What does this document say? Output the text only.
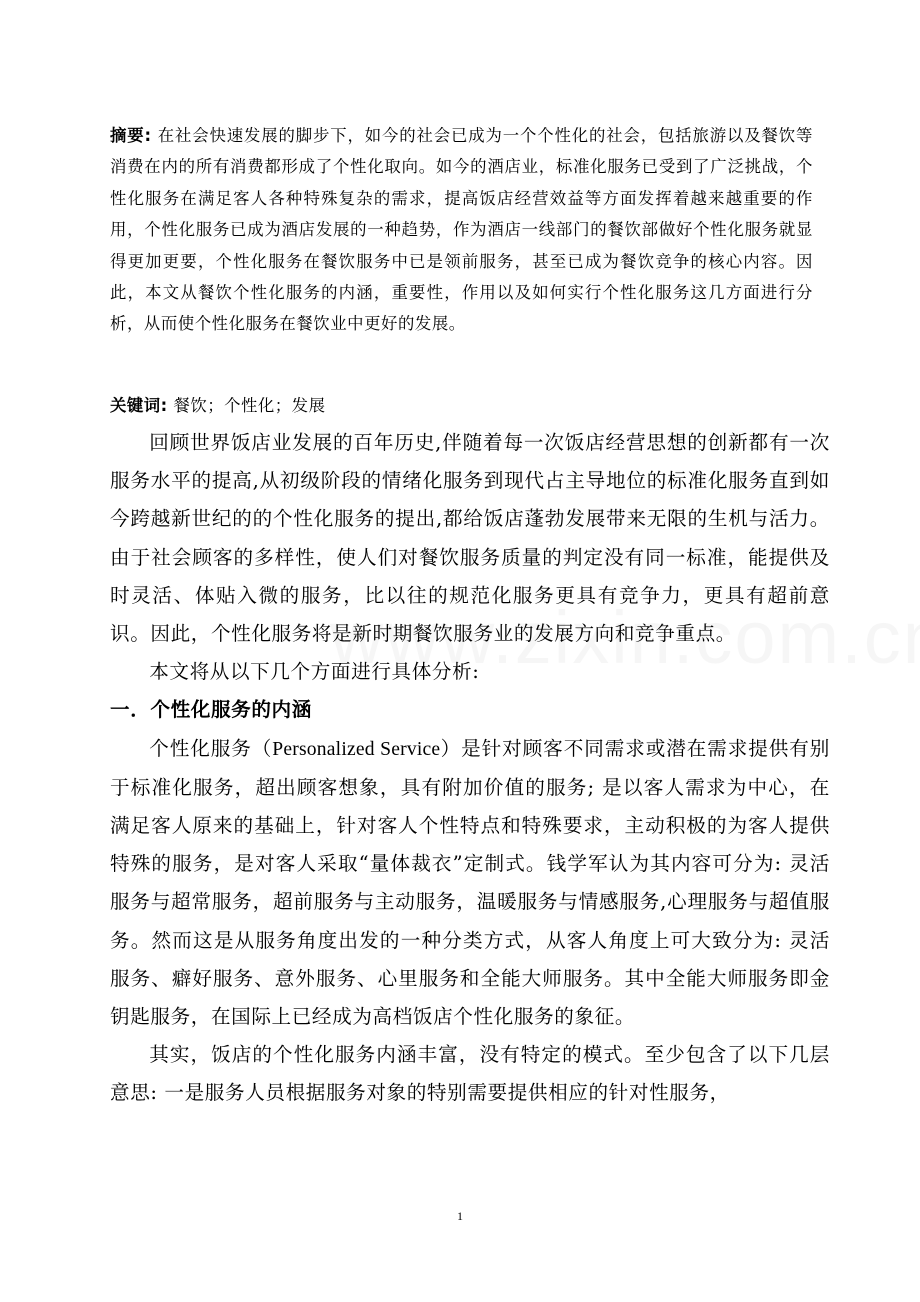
摘要: 在社会快速发展的脚步下，如今的社会已成为一个个性化的社会，包括旅游以及餐饮等消费在内的所有消费都形成了个性化取向。如今的酒店业，标准化服务已受到了广泛挑战，个性化服务在满足客人各种特殊复杂的需求，提高饭店经营效益等方面发挥着越来越重要的作用，个性化服务已成为酒店发展的一种趋势，作为酒店一线部门的餐饮部做好个性化服务就显得更加更要，个性化服务在餐饮服务中已是领前服务，甚至已成为餐饮竞争的核心内容。因此，本文从餐饮个性化服务的内涵，重要性，作用以及如何实行个性化服务这几方面进行分析，从而使个性化服务在餐饮业中更好的发展。
关键词: 餐饮；个性化；发展

回顾世界饭店业发展的百年历史,伴随着每一次饭店经营思想的创新都有一次服务水平的提高,从初级阶段的情绪化服务到现代占主导地位的标准化服务直到如今跨越新世纪的的个性化服务的提出,都给饭店蓬勃发展带来无限的生机与活力。由于社会顾客的多样性，使人们对餐饮服务质量的判定没有同一标准，能提供及时灵活、体贴入微的服务，比以往的规范化服务更具有竞争力，更具有超前意识。因此，个性化服务将是新时期餐饮服务业的发展方向和竞争重点。

本文将从以下几个方面进行具体分析:

一．个性化服务的内涵

个性化服务（Personalized Service）是针对顾客不同需求或潜在需求提供有别于标准化服务，超出顾客想象，具有附加价值的服务; 是以客人需求为中心，在满足客人原来的基础上，针对客人个性特点和特殊要求，主动积极的为客人提供特殊的服务，是对客人采取“量体裁衣”定制式。钱学军认为其内容可分为: 灵活服务与超常服务，超前服务与主动服务，温暖服务与情感服务,心理服务与超值服务。然而这是从服务角度出发的一种分类方式，从客人角度上可大致分为: 灵活服务、癖好服务、意外服务、心里服务和全能大师服务。其中全能大师服务即金钥匙服务，在国际上已经成为高档饭店个性化服务的象征。

其实，饭店的个性化服务内涵丰富，没有特定的模式。至少包含了以下几层意思: 一是服务人员根据服务对象的特别需要提供相应的针对性服务，

1
